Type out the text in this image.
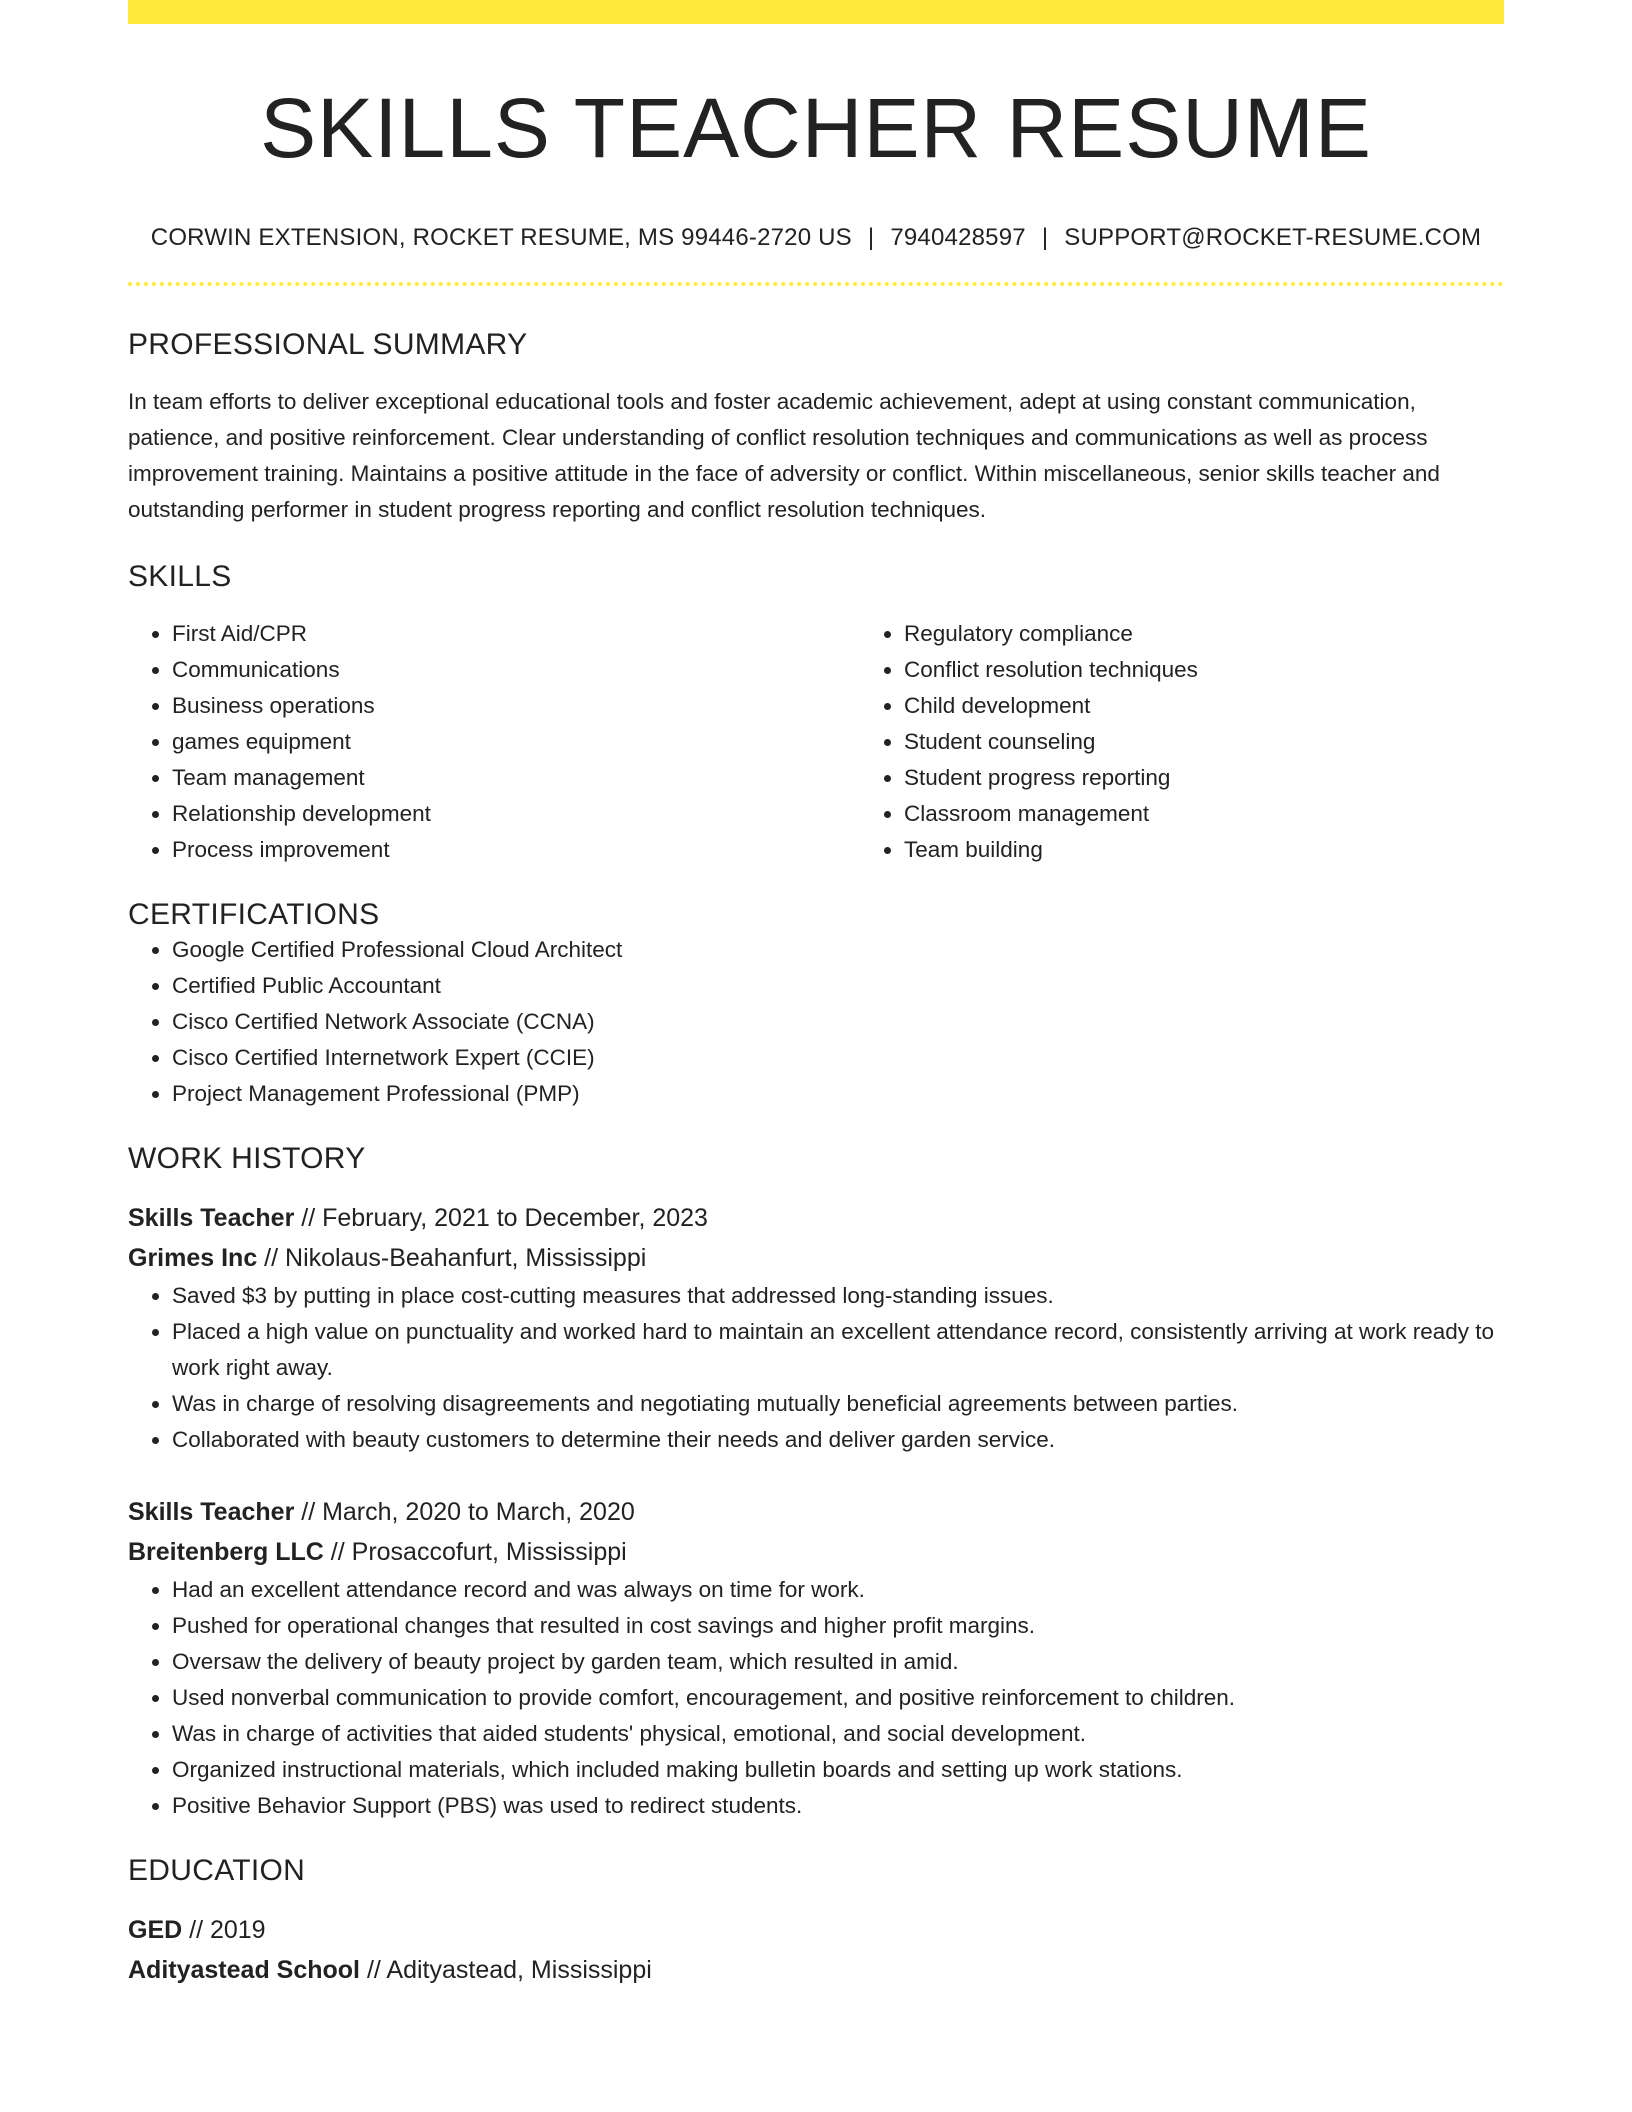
SKILLS TEACHER RESUME
CORWIN EXTENSION, ROCKET RESUME, MS 99446-2720 US | 7940428597 | SUPPORT@ROCKET-RESUME.COM
PROFESSIONAL SUMMARY
In team efforts to deliver exceptional educational tools and foster academic achievement, adept at using constant communication, patience, and positive reinforcement. Clear understanding of conflict resolution techniques and communications as well as process improvement training. Maintains a positive attitude in the face of adversity or conflict. Within miscellaneous, senior skills teacher and outstanding performer in student progress reporting and conflict resolution techniques.
SKILLS
• First Aid/CPR
• Communications
• Business operations
• games equipment
• Team management
• Relationship development
• Process improvement
• Regulatory compliance
• Conflict resolution techniques
• Child development
• Student counseling
• Student progress reporting
• Classroom management
• Team building
CERTIFICATIONS
• Google Certified Professional Cloud Architect
• Certified Public Accountant
• Cisco Certified Network Associate (CCNA)
• Cisco Certified Internetwork Expert (CCIE)
• Project Management Professional (PMP)
WORK HISTORY
Skills Teacher // February, 2021 to December, 2023
Grimes Inc // Nikolaus-Beahanfurt, Mississippi
• Saved $3 by putting in place cost-cutting measures that addressed long-standing issues.
• Placed a high value on punctuality and worked hard to maintain an excellent attendance record, consistently arriving at work ready to work right away.
• Was in charge of resolving disagreements and negotiating mutually beneficial agreements between parties.
• Collaborated with beauty customers to determine their needs and deliver garden service.
Skills Teacher // March, 2020 to March, 2020
Breitenberg LLC // Prosaccofurt, Mississippi
• Had an excellent attendance record and was always on time for work.
• Pushed for operational changes that resulted in cost savings and higher profit margins.
• Oversaw the delivery of beauty project by garden team, which resulted in amid.
• Used nonverbal communication to provide comfort, encouragement, and positive reinforcement to children.
• Was in charge of activities that aided students' physical, emotional, and social development.
• Organized instructional materials, which included making bulletin boards and setting up work stations.
• Positive Behavior Support (PBS) was used to redirect students.
EDUCATION
GED // 2019
Adityastead School // Adityastead, Mississippi
